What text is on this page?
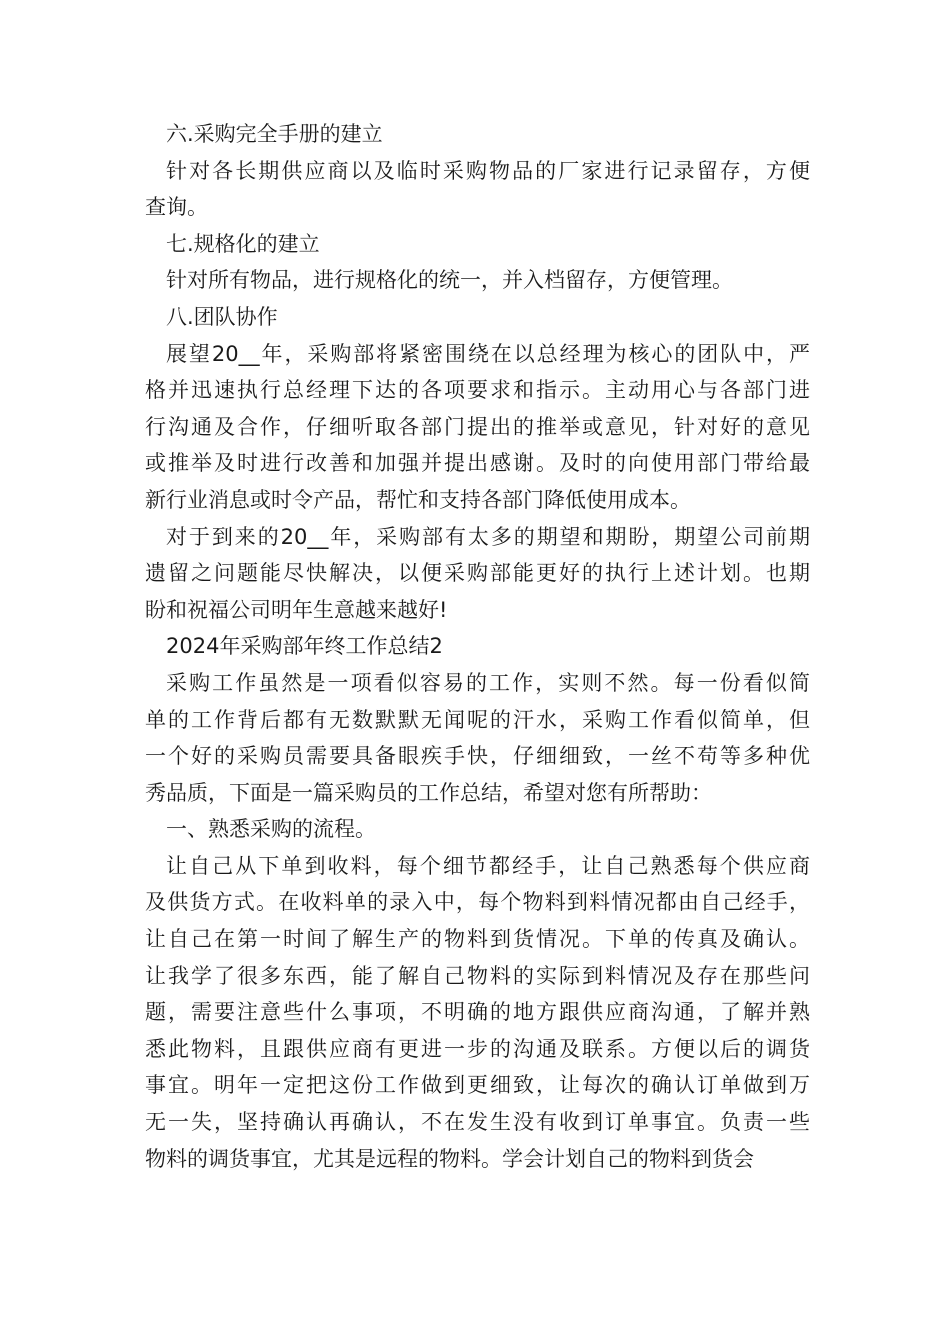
六.采购完全手册的建立
针对各长期供应商以及临时采购物品的厂家进行记录留存，方便
查询。
七.规格化的建立
针对所有物品，进行规格化的统一，并入档留存，方便管理。
八.团队协作
展望20__年，采购部将紧密围绕在以总经理为核心的团队中，严
格并迅速执行总经理下达的各项要求和指示。主动用心与各部门进
行沟通及合作，仔细听取各部门提出的推举或意见，针对好的意见
或推举及时进行改善和加强并提出感谢。及时的向使用部门带给最
新行业消息或时令产品，帮忙和支持各部门降低使用成本。
对于到来的20__年，采购部有太多的期望和期盼，期望公司前期
遗留之问题能尽快解决，以便采购部能更好的执行上述计划。也期
盼和祝福公司明年生意越来越好!
2024年采购部年终工作总结2
采购工作虽然是一项看似容易的工作，实则不然。每一份看似简
单的工作背后都有无数默默无闻呢的汗水，采购工作看似简单，但
一个好的采购员需要具备眼疾手快，仔细细致，一丝不苟等多种优
秀品质，下面是一篇采购员的工作总结，希望对您有所帮助：
一、熟悉采购的流程。
让自己从下单到收料，每个细节都经手，让自己熟悉每个供应商
及供货方式。在收料单的录入中，每个物料到料情况都由自己经手，
让自己在第一时间了解生产的物料到货情况。下单的传真及确认。
让我学了很多东西，能了解自己物料的实际到料情况及存在那些问
题，需要注意些什么事项，不明确的地方跟供应商沟通，了解并熟
悉此物料，且跟供应商有更进一步的沟通及联系。方便以后的调货
事宜。明年一定把这份工作做到更细致，让每次的确认订单做到万
无一失，坚持确认再确认，不在发生没有收到订单事宜。负责一些
物料的调货事宜，尤其是远程的物料。学会计划自己的物料到货会
